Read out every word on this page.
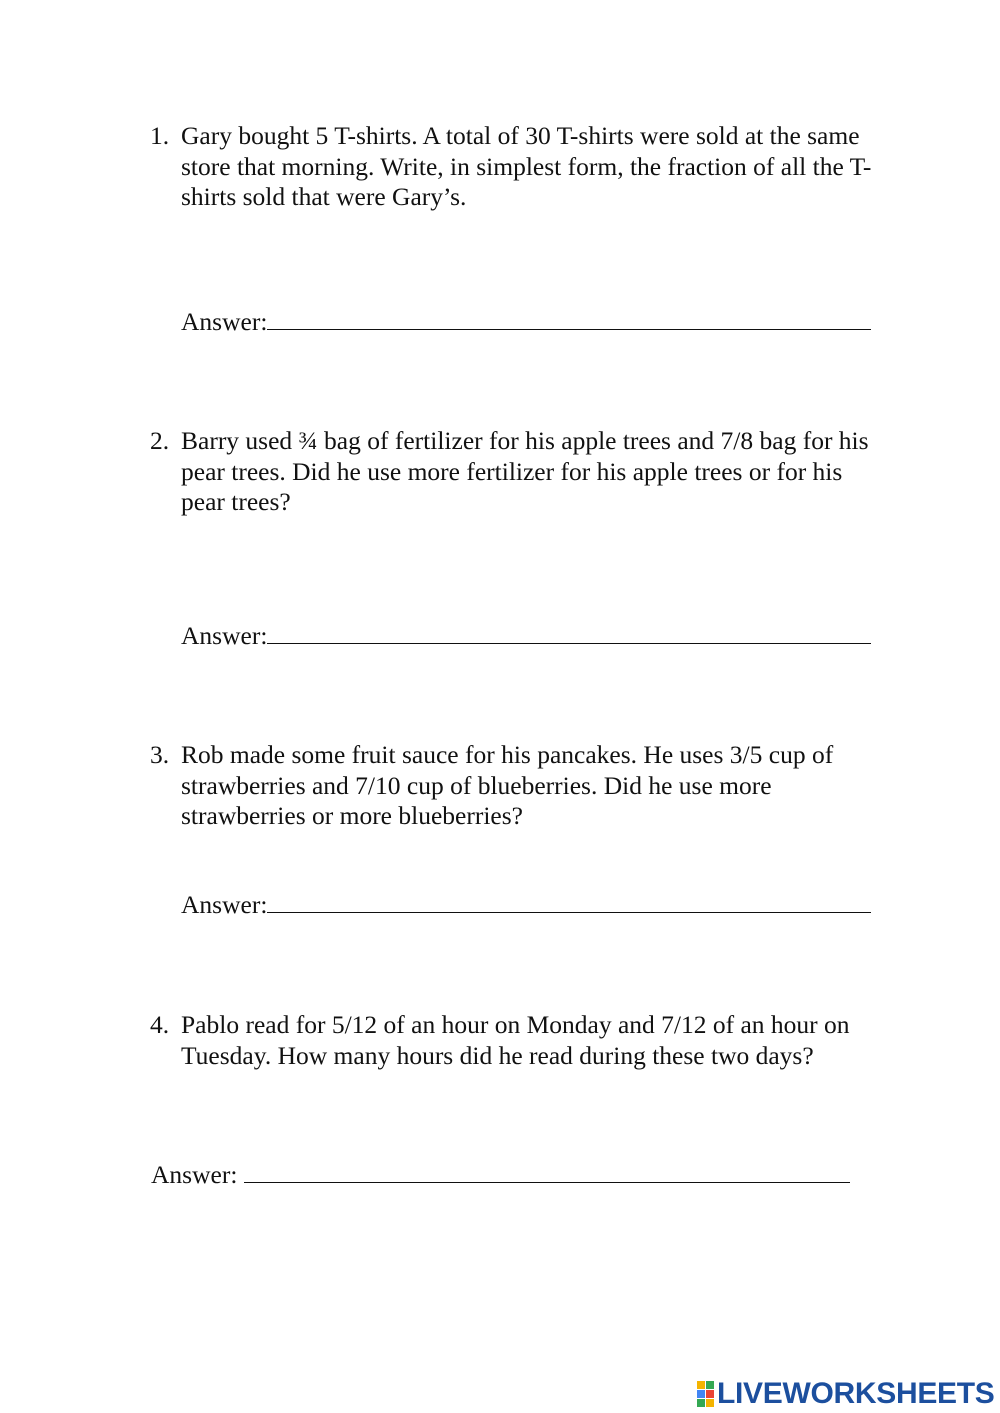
1. Gary bought 5 T-shirts. A total of 30 T-shirts were sold at the same store that morning. Write, in simplest form, the fraction of all the T-shirts sold that were Gary’s.
Answer:
2. Barry used ¾ bag of fertilizer for his apple trees and 7/8 bag for his pear trees. Did he use more fertilizer for his apple trees or for his pear trees?
Answer:
3. Rob made some fruit sauce for his pancakes. He uses 3/5 cup of strawberries and 7/10 cup of blueberries. Did he use more strawberries or more blueberries?
Answer:
4. Pablo read for 5/12 of an hour on Monday and 7/12 of an hour on Tuesday. How many hours did he read during these two days?
Answer:
LIVEWORKSHEETS
